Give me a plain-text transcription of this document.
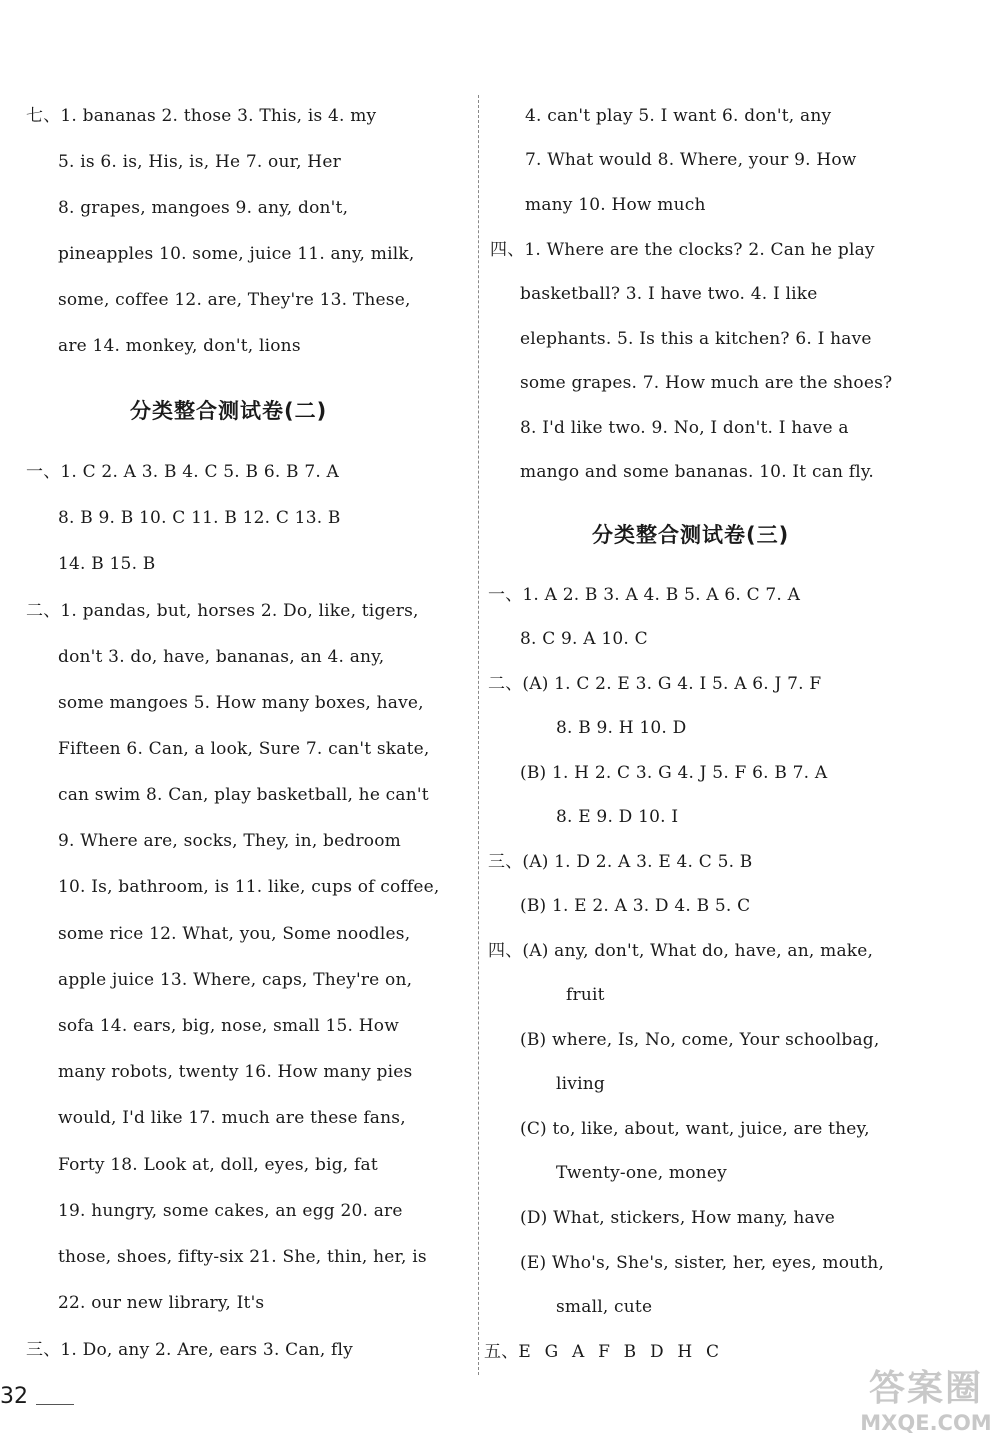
七、1. bananas 2. those 3. This, is 4. my

5. is 6. is, His, is, He 7. our, Her

8. grapes, mangoes 9. any, don't,

pineapples 10. some, juice 11. any, milk,

some, coffee 12. are, They're 13. These,

are 14. monkey, don't, lions

分类整合测试卷(二)

一、1. C 2. A 3. B 4. C 5. B 6. B 7. A

8. B 9. B 10. C 11. B 12. C 13. B

14. B 15. B

二、1. pandas, but, horses 2. Do, like, tigers,

don't 3. do, have, bananas, an 4. any,

some mangoes 5. How many boxes, have,

Fifteen 6. Can, a look, Sure 7. can't skate,

can swim 8. Can, play basketball, he can't

9. Where are, socks, They, in, bedroom

10. Is, bathroom, is 11. like, cups of coffee,

some rice 12. What, you, Some noodles,

apple juice 13. Where, caps, They're on,

sofa 14. ears, big, nose, small 15. How

many robots, twenty 16. How many pies

would, I'd like 17. much are these fans,

Forty 18. Look at, doll, eyes, big, fat

19. hungry, some cakes, an egg 20. are

those, shoes, fifty-six 21. She, thin, her, is

22. our new library, It's

三、1. Do, any 2. Are, ears 3. Can, fly

4. can't play 5. I want 6. don't, any

7. What would 8. Where, your 9. How

many 10. How much

四、1. Where are the clocks? 2. Can he play

basketball? 3. I have two. 4. I like

elephants. 5. Is this a kitchen? 6. I have

some grapes. 7. How much are the shoes?

8. I'd like two. 9. No, I don't. I have a

mango and some bananas. 10. It can fly.

分类整合测试卷(三)

一、1. A 2. B 3. A 4. B 5. A 6. C 7. A

8. C 9. A 10. C

二、(A) 1. C 2. E 3. G 4. I 5. A 6. J 7. F

8. B 9. H 10. D

(B) 1. H 2. C 3. G 4. J 5. F 6. B 7. A

8. E 9. D 10. I

三、(A) 1. D 2. A 3. E 4. C 5. B

(B) 1. E 2. A 3. D 4. B 5. C

四、(A) any, don't, What do, have, an, make,

fruit

(B) where, Is, No, come, Your schoolbag,

living

(C) to, like, about, want, juice, are they,

Twenty-one, money

(D) What, stickers, How many, have

(E) Who's, She's, sister, her, eyes, mouth,

small, cute

五、E G A F B D H C

32	答案圈
MXQE.COM
